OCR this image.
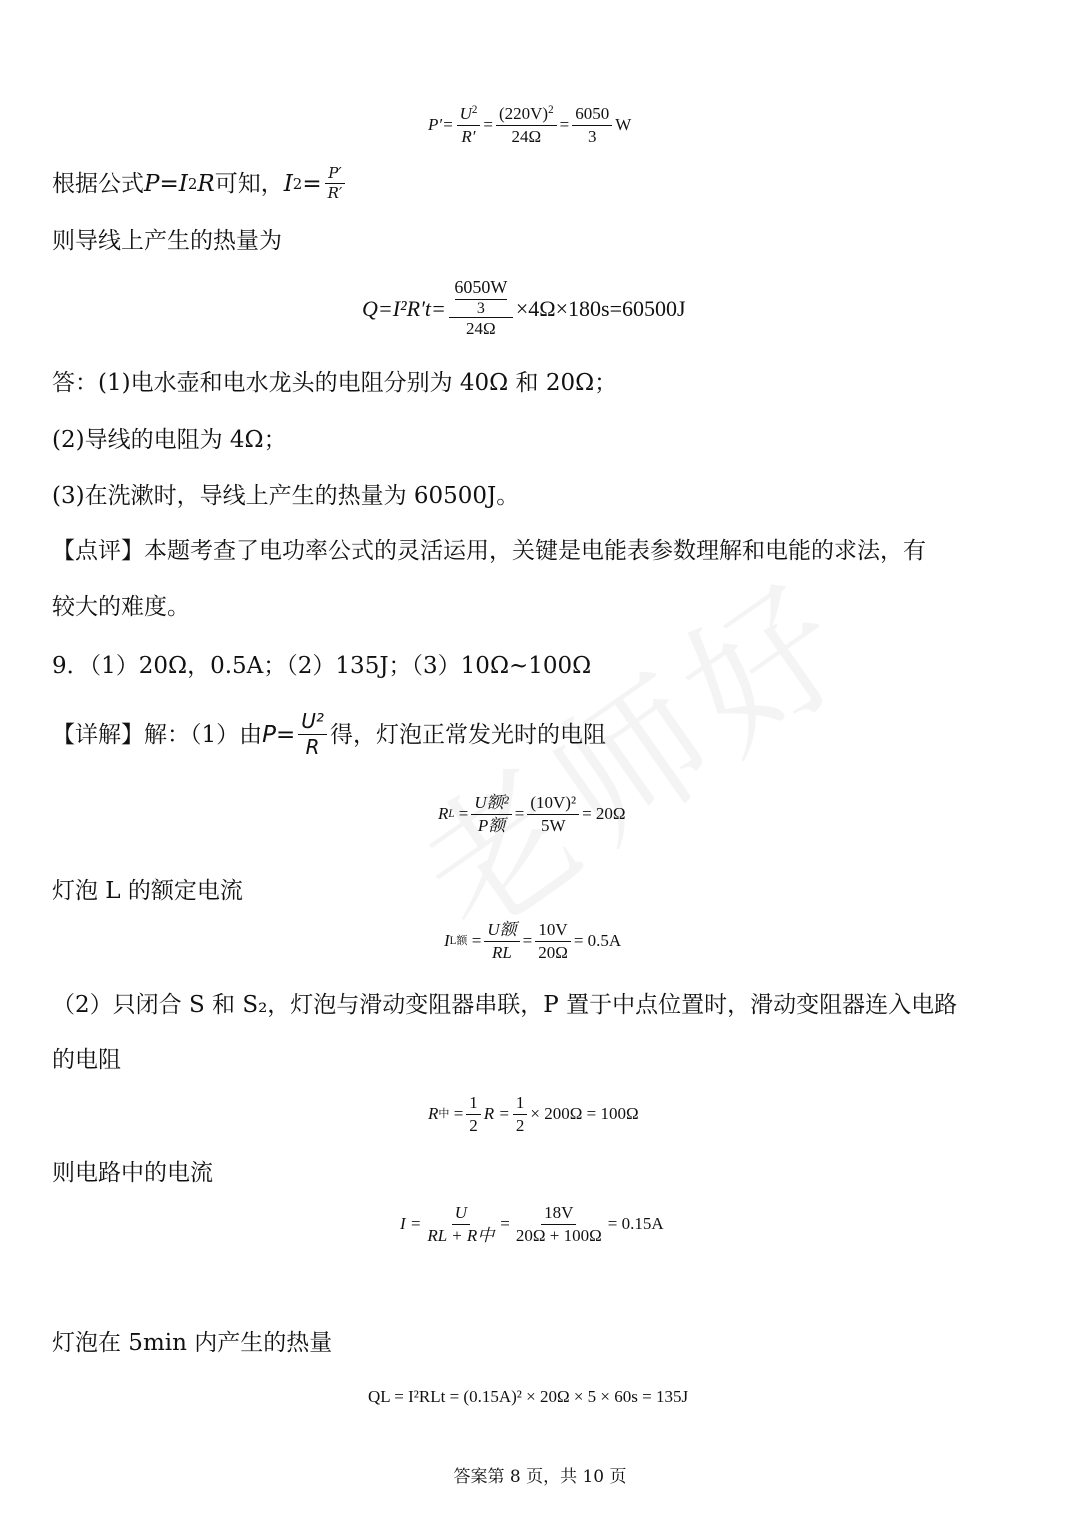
$P'= \frac{U^2}{R'} = \frac{(220V)^2}{24\Omega} = \frac{6050}{3}$ W
根据公式 P = I 2 R 可知， I $2 = \frac{P'}{R'}$
则导线上产生的热量为
Q=I²R′t=
6050W
3
24Ω
×4Ω×180s=60500J
答：(1)电水壶和电水龙头的电阻分别为 40Ω 和 20Ω；
(2)导线的电阻为 4Ω；
(3)在洗漱时，导线上产生的热量为 60500J。
【点评】本题考查了电功率公式的灵活运用，关键是电能表参数理解和电能的求法，有
较大的难度。
9．（1）20Ω，0.5A；（2）135J；（3）10Ω~100Ω
【详解】解：（1）由 $P = \frac{\text{U²}}{R}$ 得，灯泡正常发光时的电阻
R $L = \frac{\text{U额²}}{\text{P额}} = \frac{\text{(10V)²}}{5W} = 20\Omega$
灯泡 L 的额定电流
I L额 = $\frac{\text{U额}}{RL} = \frac{10V}{20\Omega} = 0.5A$
（2）只闭合 S 和 S₂，灯泡与滑动变阻器串联，P 置于中点位置时，滑动变阻器连入电路
的电阻
R 中 = $\frac{1}{2}$ $R = \frac{1}{2} \times 200\Omega = 100\Omega$
则电路中的电流
$I = \frac{U}{\text{RL + R中}} = \frac{18V}{20\Omega + 100\Omega} = 0.15A$
灯泡在 5min 内产生的热量
QL = I²RLt = (0.15A)² × 20Ω × 5 × 60s = 135J
答案第 8 页，共 10 页
